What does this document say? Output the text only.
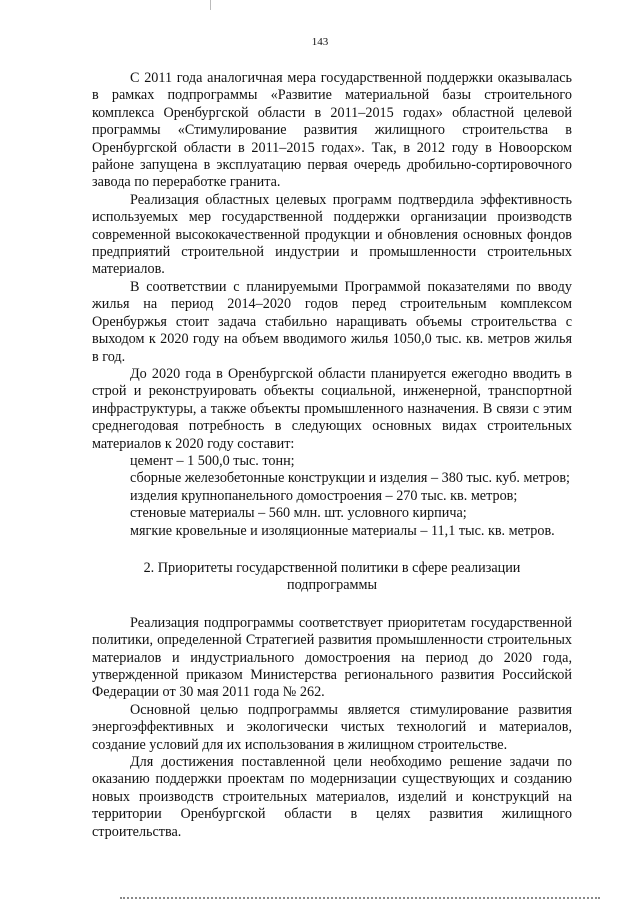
143

С 2011 года аналогичная мера государственной поддержки оказывалась в рамках подпрограммы «Развитие материальной базы строительного комплекса Оренбургской области в 2011–2015 годах» областной целевой программы «Стимулирование развития жилищного строительства в Оренбургской области в 2011–2015 годах». Так, в 2012 году в Новоорском районе запущена в эксплуатацию первая очередь дробильно-сортировочного завода по переработке гранита.

Реализация областных целевых программ подтвердила эффективность используемых мер государственной поддержки организации производств современной высококачественной продукции и обновления основных фондов предприятий строительной индустрии и промышленности строительных материалов.

В соответствии с планируемыми Программой показателями по вводу жилья на период 2014–2020 годов перед строительным комплексом Оренбуржья стоит задача стабильно наращивать объемы строительства с выходом к 2020 году на объем вводимого жилья 1050,0 тыс. кв. метров жилья в год.

До 2020 года в Оренбургской области планируется ежегодно вводить в строй и реконструировать объекты социальной, инженерной, транспортной инфраструктуры, а также объекты промышленного назначения. В связи с этим среднегодовая потребность в следующих основных видах строительных материалов к 2020 году составит:

цемент – 1 500,0 тыс. тонн;

сборные железобетонные конструкции и изделия – 380 тыс. куб. метров;

изделия крупнопанельного домостроения – 270 тыс. кв. метров;

стеновые материалы – 560 млн. шт. условного кирпича;

мягкие кровельные и изоляционные материалы – 11,1 тыс. кв. метров.

2. Приоритеты государственной политики в сфере реализации подпрограммы

Реализация подпрограммы соответствует приоритетам государственной политики, определенной Стратегией развития промышленности строительных материалов и индустриального домостроения на период до 2020 года, утвержденной приказом Министерства регионального развития Российской Федерации от 30 мая 2011 года № 262.

Основной целью подпрограммы является стимулирование развития энергоэффективных и экологически чистых технологий и материалов, создание условий для их использования в жилищном строительстве.

Для достижения поставленной цели необходимо решение задачи по оказанию поддержки проектам по модернизации существующих и созданию новых производств строительных материалов, изделий и конструкций на территории Оренбургской области в целях развития жилищного строительства.
